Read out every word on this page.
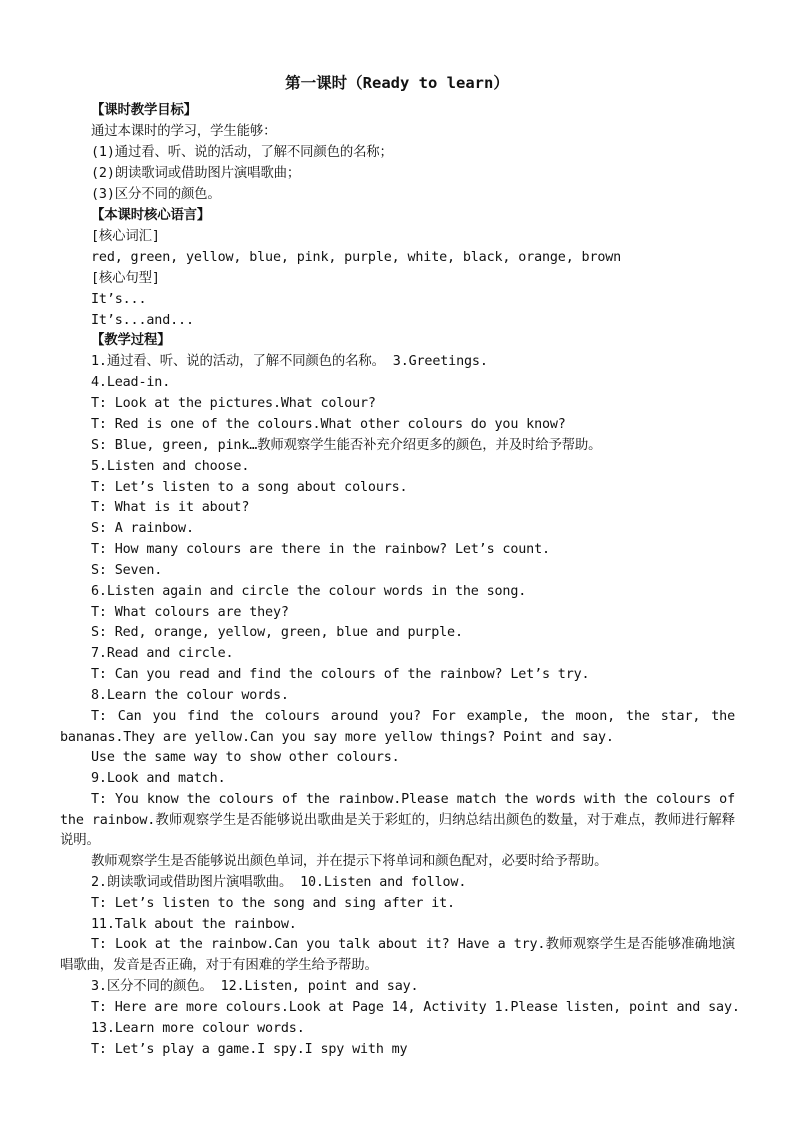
第一课时（Ready to learn）
【课时教学目标】
通过本课时的学习，学生能够：
(1)通过看、听、说的活动，了解不同颜色的名称；
(2)朗读歌词或借助图片演唱歌曲；
(3)区分不同的颜色。
【本课时核心语言】
[核心词汇]
red, green, yellow, blue, pink, purple, white, black, orange, brown
[核心句型]
It’s...
It’s...and...
【教学过程】
1.通过看、听、说的活动，了解不同颜色的名称。 3.Greetings.
4.Lead-in.
T: Look at the pictures.What colour?
T: Red is one of the colours.What other colours do you know?
S: Blue, green, pink…教师观察学生能否补充介绍更多的颜色，并及时给予帮助。
5.Listen and choose.
T: Let’s listen to a song about colours.
T: What is it about?
S: A rainbow.
T: How many colours are there in the rainbow? Let’s count.
S: Seven.
6.Listen again and circle the colour words in the song.
T: What colours are they?
S: Red, orange, yellow, green, blue and purple.
7.Read and circle.
T: Can you read and find the colours of the rainbow? Let’s try.
8.Learn the colour words.
T: Can you find the colours around you? For example, the moon, the star, the bananas.They are yellow.Can you say more yellow things? Point and say.
Use the same way to show other colours.
9.Look and match.
T: You know the colours of the rainbow.Please match the words with the colours of the rainbow.教师观察学生是否能够说出歌曲是关于彩虹的，归纳总结出颜色的数量，对于难点，教师进行解释说明。
教师观察学生是否能够说出颜色单词，并在提示下将单词和颜色配对，必要时给予帮助。
2.朗读歌词或借助图片演唱歌曲。 10.Listen and follow.
T: Let’s listen to the song and sing after it.
11.Talk about the rainbow.
T: Look at the rainbow.Can you talk about it? Have a try.教师观察学生是否能够准确地演唱歌曲，发音是否正确，对于有困难的学生给予帮助。
3.区分不同的颜色。 12.Listen, point and say.
T: Here are more colours.Look at Page 14, Activity 1.Please listen, point and say.
13.Learn more colour words.
T: Let’s play a game.I spy.I spy with my
